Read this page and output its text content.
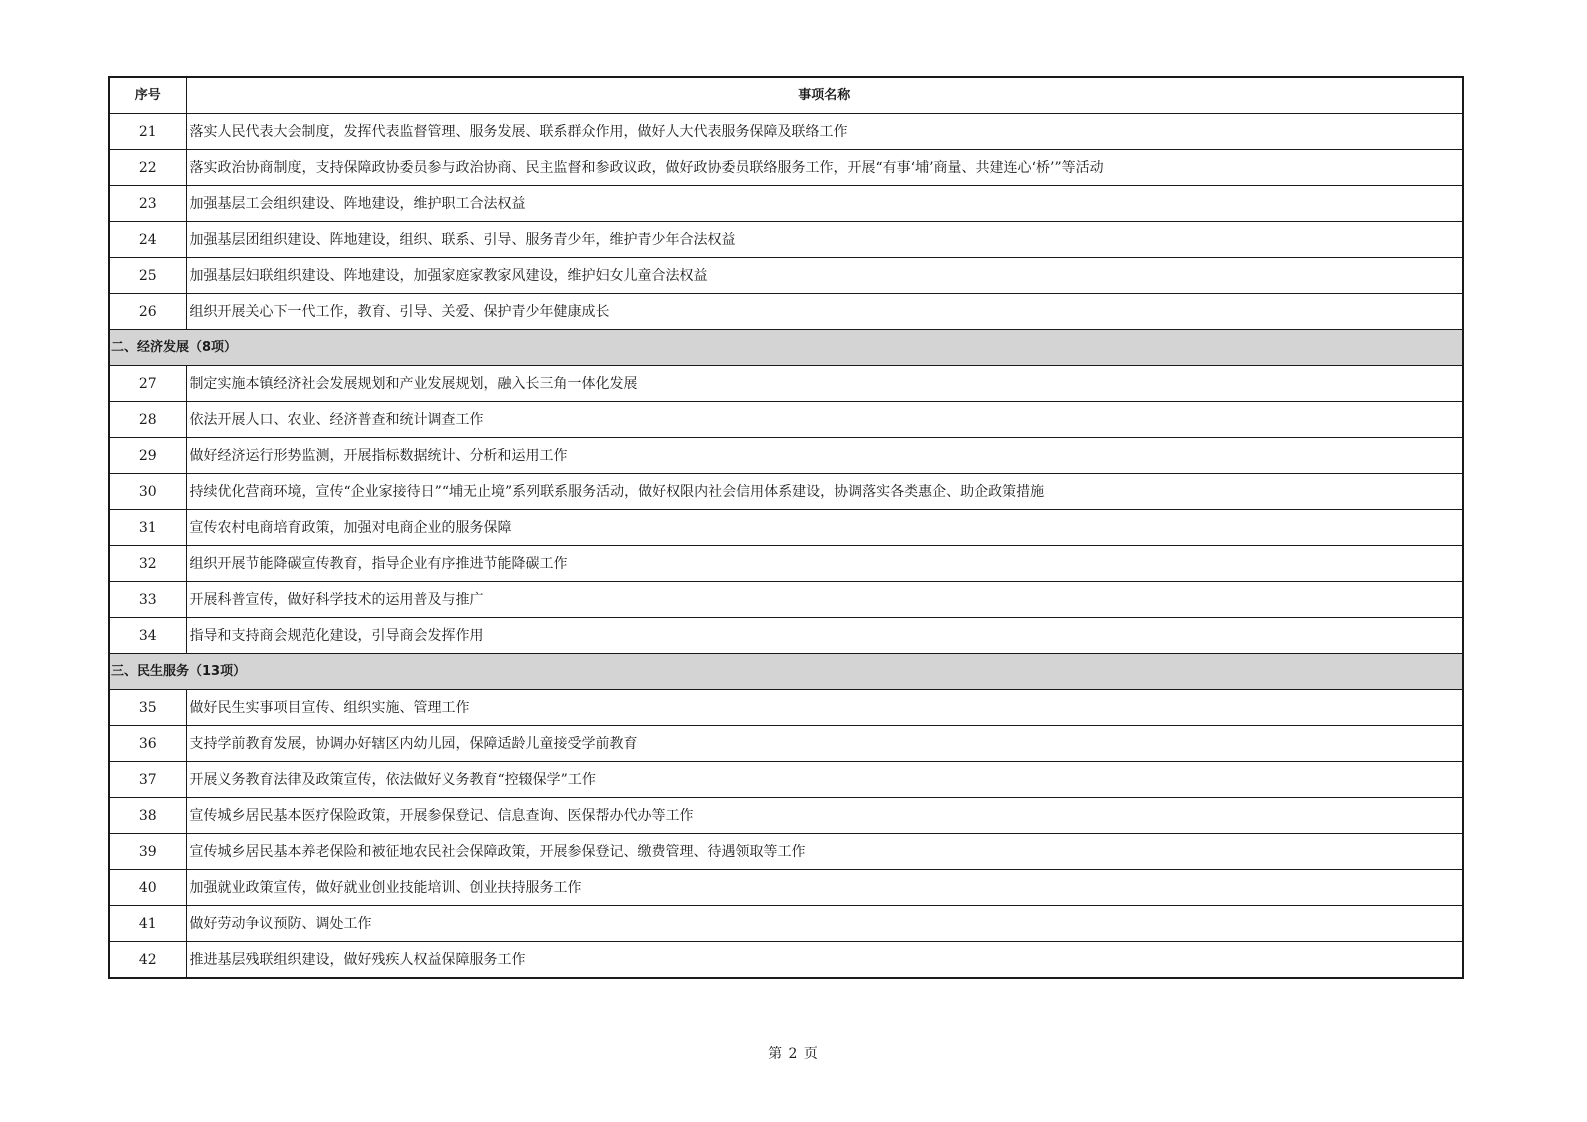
序号	事项名称
21	落实人民代表大会制度，发挥代表监督管理、服务发展、联系群众作用，做好人大代表服务保障及联络工作
22	落实政治协商制度，支持保障政协委员参与政治协商、民主监督和参政议政，做好政协委员联络服务工作，开展“有事‘埔’商量、共建连心‘桥’”等活动
23	加强基层工会组织建设、阵地建设，维护职工合法权益
24	加强基层团组织建设、阵地建设，组织、联系、引导、服务青少年，维护青少年合法权益
25	加强基层妇联组织建设、阵地建设，加强家庭家教家风建设，维护妇女儿童合法权益
26	组织开展关心下一代工作，教育、引导、关爱、保护青少年健康成长
二、经济发展（8项）	
27	制定实施本镇经济社会发展规划和产业发展规划，融入长三角一体化发展
28	依法开展人口、农业、经济普查和统计调查工作
29	做好经济运行形势监测，开展指标数据统计、分析和运用工作
30	持续优化营商环境，宣传“企业家接待日”“埔无止境”系列联系服务活动，做好权限内社会信用体系建设，协调落实各类惠企、助企政策措施
31	宣传农村电商培育政策，加强对电商企业的服务保障
32	组织开展节能降碳宣传教育，指导企业有序推进节能降碳工作
33	开展科普宣传，做好科学技术的运用普及与推广
34	指导和支持商会规范化建设，引导商会发挥作用
三、民生服务（13项）	
35	做好民生实事项目宣传、组织实施、管理工作
36	支持学前教育发展，协调办好辖区内幼儿园，保障适龄儿童接受学前教育
37	开展义务教育法律及政策宣传，依法做好义务教育“控辍保学”工作
38	宣传城乡居民基本医疗保险政策，开展参保登记、信息查询、医保帮办代办等工作
39	宣传城乡居民基本养老保险和被征地农民社会保障政策，开展参保登记、缴费管理、待遇领取等工作
40	加强就业政策宣传，做好就业创业技能培训、创业扶持服务工作
41	做好劳动争议预防、调处工作
42	推进基层残联组织建设，做好残疾人权益保障服务工作
第 2 页
